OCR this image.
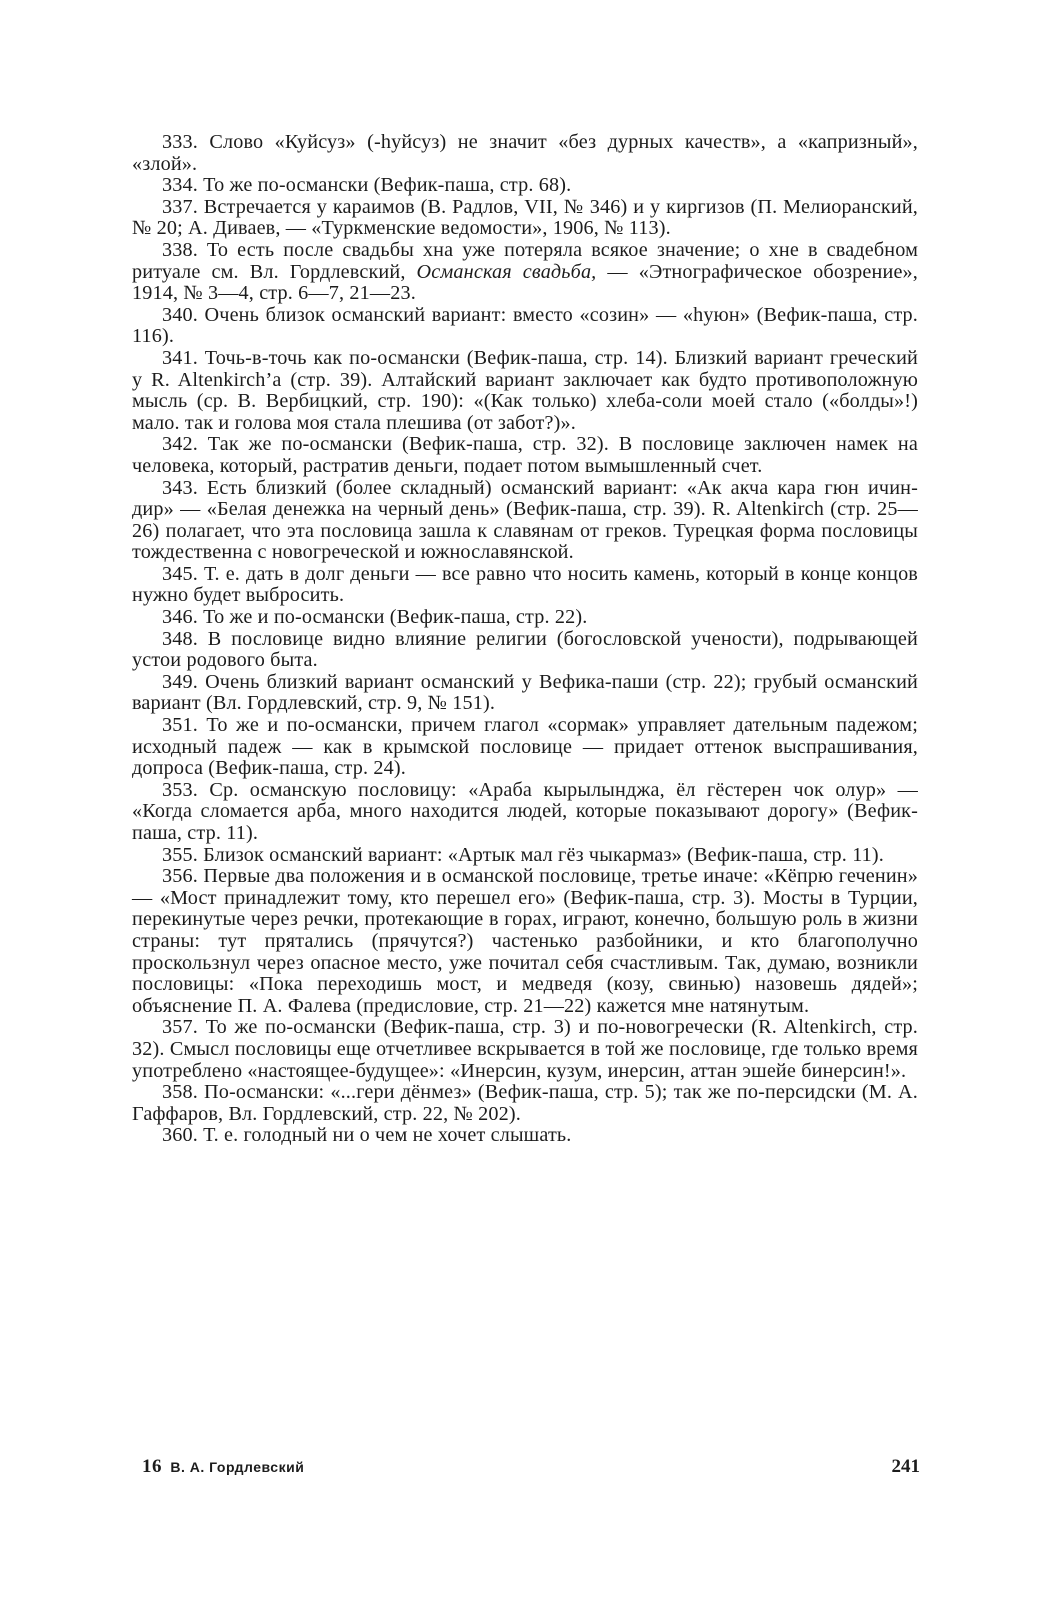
333. Слово «Куйсуз» (-hуйсуз) не значит «без дурных качеств», а «капризный», «злой».

334. То же по-османски (Вефик-паша, стр. 68).

337. Встречается у караимов (В. Радлов, VII, № 346) и у киргизов (П. Мелиоранский, № 20; А. Диваев, — «Туркменские ведомости», 1906, № 113).

338. То есть после свадьбы хна уже потеряла всякое значение; о хне в свадебном ритуале см. Вл. Гордлевский, Османская свадьба, — «Этнографическое обозрение», 1914, № 3—4, стр. 6—7, 21—23.

340. Очень близок османский вариант: вместо «созин» — «hуюн» (Вефик-паша, стр. 116).

341. Точь-в-точь как по-османски (Вефик-паша, стр. 14). Близкий вариант греческий у R. Altenkirch’a (стр. 39). Алтайский вариант заключает как будто противоположную мысль (ср. В. Вербицкий, стр. 190): «(Как только) хлеба-соли моей стало («болды»!) мало. так и голова моя стала плешива (от забот?)».

342. Так же по-османски (Вефик-паша, стр. 32). В пословице заключен намек на человека, который, растратив деньги, подает потом вымышленный счет.

343. Есть близкий (более складный) османский вариант: «Ак акча кара гюн ичин-дир» — «Белая денежка на черный день» (Вефик-паша, стр. 39). R. Altenkirch (стр. 25—26) полагает, что эта пословица зашла к славянам от греков. Турецкая форма пословицы тождественна с новогреческой и южнославянской.

345. Т. е. дать в долг деньги — все равно что носить камень, который в конце концов нужно будет выбросить.

346. То же и по-османски (Вефик-паша, стр. 22).

348. В пословице видно влияние религии (богословской учености), подрывающей устои родового быта.

349. Очень близкий вариант османский у Вефика-паши (стр. 22); грубый османский вариант (Вл. Гордлевский, стр. 9, № 151).

351. То же и по-османски, причем глагол «сормак» управляет дательным падежом; исходный падеж — как в крымской пословице — придает оттенок выспрашивания, допроса (Вефик-паша, стр. 24).

353. Ср. османскую пословицу: «Араба кырылынджа, ёл гёстерен чок олур» — «Когда сломается арба, много находится людей, которые показывают дорогу» (Вефик-паша, стр. 11).

355. Близок османский вариант: «Артык мал гёз чыкармаз» (Вефик-паша, стр. 11).

356. Первые два положения и в османской пословице, третье иначе: «Кёпрю геченин» — «Мост принадлежит тому, кто перешел его» (Вефик-паша, стр. 3). Мосты в Турции, перекинутые через речки, протекающие в горах, играют, конечно, большую роль в жизни страны: тут прятались (прячутся?) частенько разбойники, и кто благополучно проскользнул через опасное место, уже почитал себя счастливым. Так, думаю, возникли пословицы: «Пока переходишь мост, и медведя (козу, свинью) назовешь дядей»; объяснение П. А. Фалева (предисловие, стр. 21—22) кажется мне натянутым.

357. То же по-османски (Вефик-паша, стр. 3) и по-новогречески (R. Altenkirch, стр. 32). Смысл пословицы еще отчетливее вскрывается в той же пословице, где только время употреблено «настоящее-будущее»: «Инерсин, кузум, инерсин, аттан эшейе бинерсин!».

358. По-османски: «...гери дёнмез» (Вефик-паша, стр. 5); так же по-персидски (М. А. Гаффаров, Вл. Гордлевский, стр. 22, № 202).

360. Т. е. голодный ни о чем не хочет слышать.

16 В. А. Гордлевский	241
